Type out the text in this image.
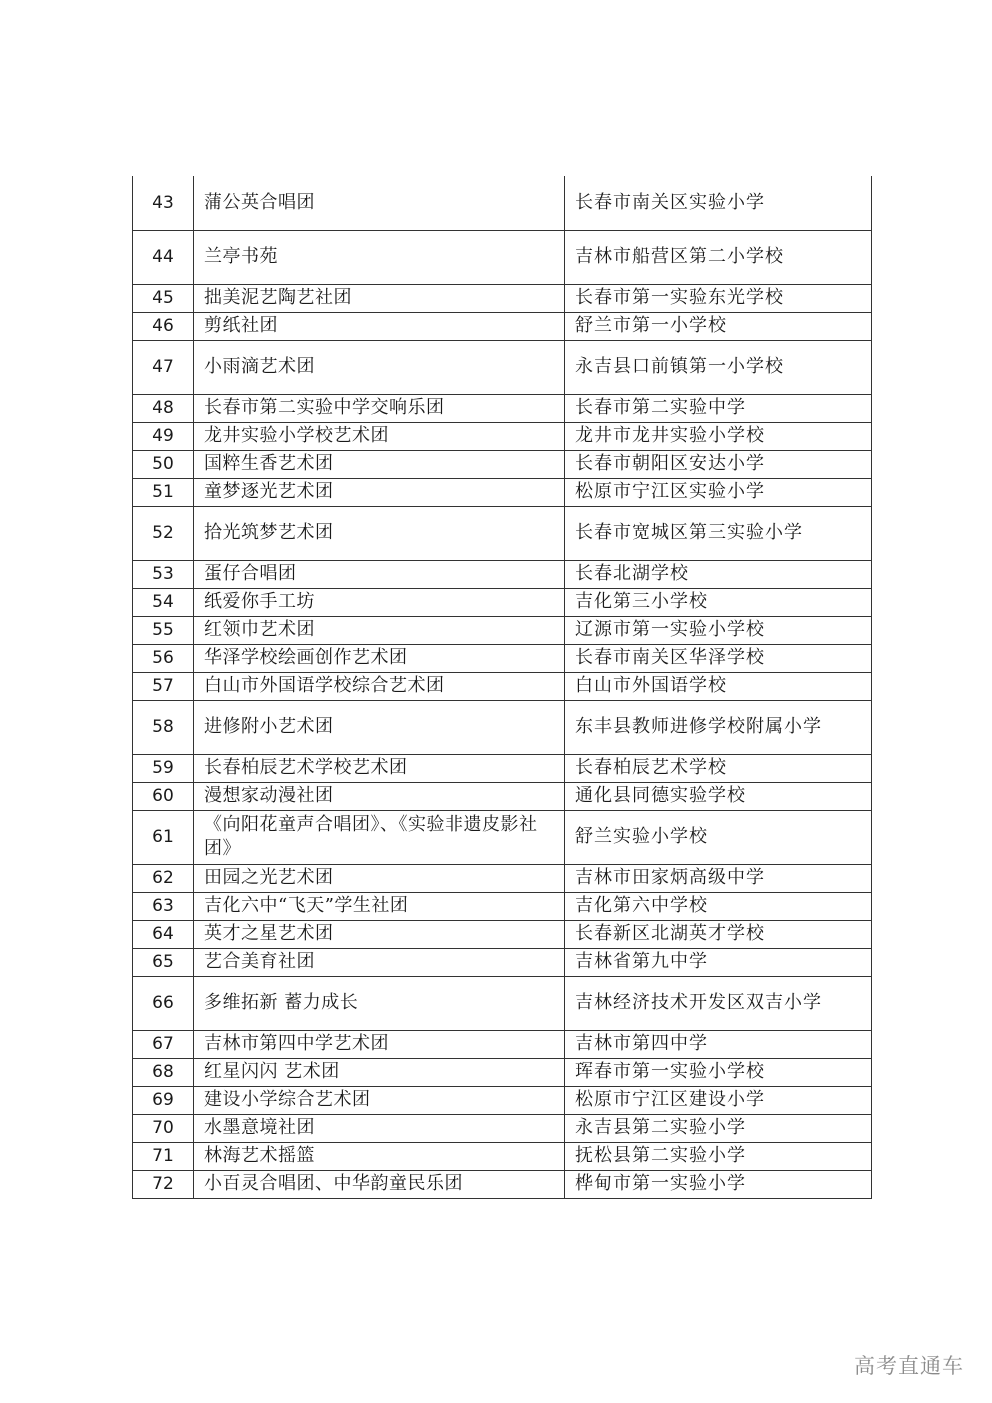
43	蒲公英合唱团	长春市南关区实验小学
44	兰亭书苑	吉林市船营区第二小学校
45	拙美泥艺陶艺社团	长春市第一实验东光学校
46	剪纸社团	舒兰市第一小学校
47	小雨滴艺术团	永吉县口前镇第一小学校
48	长春市第二实验中学交响乐团	长春市第二实验中学
49	龙井实验小学校艺术团	龙井市龙井实验小学校
50	国粹生香艺术团	长春市朝阳区安达小学
51	童梦逐光艺术团	松原市宁江区实验小学
52	拾光筑梦艺术团	长春市宽城区第三实验小学
53	蛋仔合唱团	长春北湖学校
54	纸爱你手工坊	吉化第三小学校
55	红领巾艺术团	辽源市第一实验小学校
56	华泽学校绘画创作艺术团	长春市南关区华泽学校
57	白山市外国语学校综合艺术团	白山市外国语学校
58	进修附小艺术团	东丰县教师进修学校附属小学
59	长春柏辰艺术学校艺术团	长春柏辰艺术学校
60	漫想家动漫社团	通化县同德实验学校
61	《向阳花童声合唱团》、《实验非遗皮影社团》	舒兰实验小学校
62	田园之光艺术团	吉林市田家炳高级中学
63	吉化六中“飞天”学生社团	吉化第六中学校
64	英才之星艺术团	长春新区北湖英才学校
65	艺合美育社团	吉林省第九中学
66	多维拓新 蓄力成长	吉林经济技术开发区双吉小学
67	吉林市第四中学艺术团	吉林市第四中学
68	红星闪闪 艺术团	珲春市第一实验小学校
69	建设小学综合艺术团	松原市宁江区建设小学
70	水墨意境社团	永吉县第二实验小学
71	林海艺术摇篮	抚松县第二实验小学
72	小百灵合唱团、中华韵童民乐团	桦甸市第一实验小学
高考直通车
